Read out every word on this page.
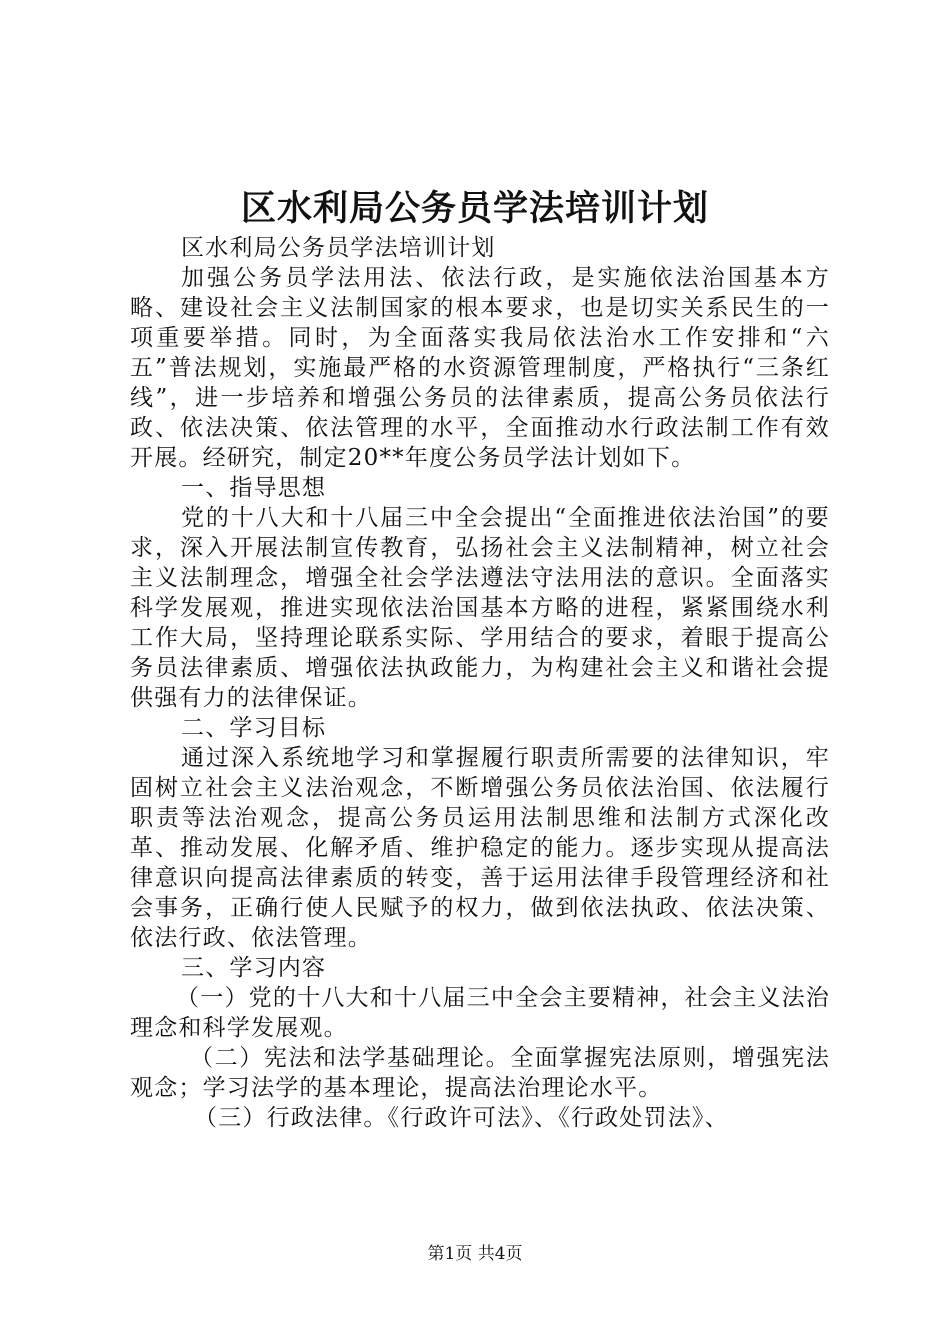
区水利局公务员学法培训计划

区水利局公务员学法培训计划

加强公务员学法用法、依法行政，是实施依法治国基本方略、建设社会主义法制国家的根本要求，也是切实关系民生的一项重要举措。同时，为全面落实我局依法治水工作安排和“六五”普法规划，实施最严格的水资源管理制度，严格执行“三条红线”，进一步培养和增强公务员的法律素质，提高公务员依法行政、依法决策、依法管理的水平，全面推动水行政法制工作有效开展。经研究，制定20**年度公务员学法计划如下。

一、指导思想

党的十八大和十八届三中全会提出“全面推进依法治国”的要求，深入开展法制宣传教育，弘扬社会主义法制精神，树立社会主义法制理念，增强全社会学法遵法守法用法的意识。全面落实科学发展观，推进实现依法治国基本方略的进程，紧紧围绕水利工作大局，坚持理论联系实际、学用结合的要求，着眼于提高公务员法律素质、增强依法执政能力，为构建社会主义和谐社会提供强有力的法律保证。

二、学习目标

通过深入系统地学习和掌握履行职责所需要的法律知识，牢固树立社会主义法治观念，不断增强公务员依法治国、依法履行职责等法治观念，提高公务员运用法制思维和法制方式深化改革、推动发展、化解矛盾、维护稳定的能力。逐步实现从提高法律意识向提高法律素质的转变，善于运用法律手段管理经济和社会事务，正确行使人民赋予的权力，做到依法执政、依法决策、依法行政、依法管理。

三、学习内容

（一）党的十八大和十八届三中全会主要精神，社会主义法治理念和科学发展观。

（二）宪法和法学基础理论。全面掌握宪法原则，增强宪法观念；学习法学的基本理论，提高法治理论水平。

（三）行政法律。《行政许可法》、《行政处罚法》、

第1页 共4页
